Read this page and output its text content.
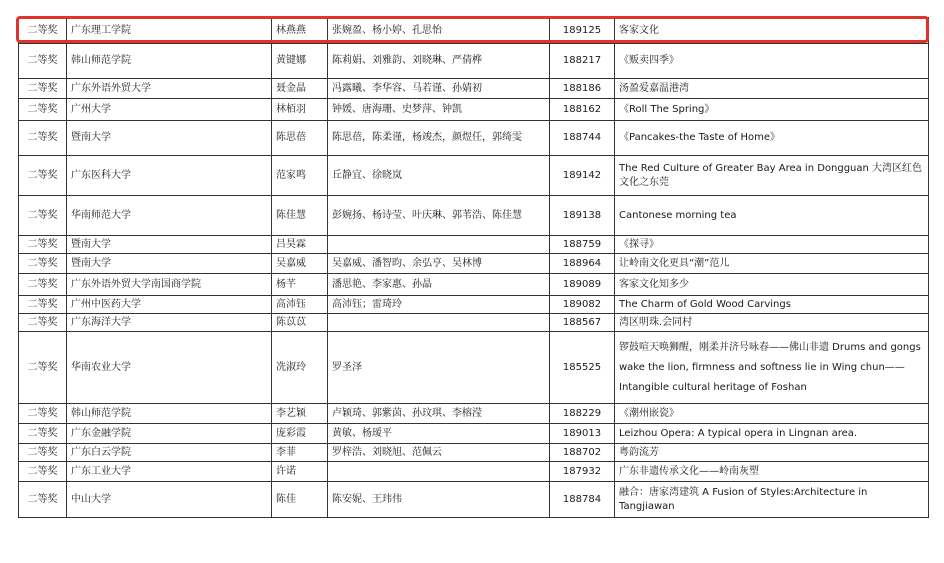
二等奖	广东理工学院	林燕燕	张婉盈、杨小婷、孔思怡	189125	客家文化
二等奖	韩山师范学院	黄键娜	陈莉娟、刘雅韵、刘晓琳、严倩桦	188217	《贩卖四季》
二等奖	广东外语外贸大学	聂金晶	冯露曦、李华容、马若谨、孙婧初	188186	汤盈爱嘉温港湾
二等奖	广州大学	林栢羽	钟媛、唐海珊、史梦萍、钟凯	188162	《Roll The Spring》
二等奖	暨南大学	陈思蓓	陈思蓓，陈柔谨，杨竣杰，颜煜任，郭绮雯	188744	《Pancakes-the Taste of Home》
二等奖	广东医科大学	范家鸣	丘静宜、徐晓岚	189142	The Red Culture of Greater Bay Area in Dongguan 大湾区红色文化之东莞
二等奖	华南师范大学	陈佳慧	彭婉扬、杨诗莹、叶庆琳、郭苇浩、陈佳慧	189138	Cantonese morning tea
二等奖	暨南大学	吕昊霖		188759	《探寻》
二等奖	暨南大学	吴嘉威	吴嘉威、潘智昀、余弘亨、吴林博	188964	让岭南文化更具“潮”范儿
二等奖	广东外语外贸大学南国商学院	杨芊	潘思艳、李家惠、孙晶	189089	客家文化知多少
二等奖	广州中医药大学	高沛钰	高沛钰；雷琦玲	189082	The Charm of Gold Wood Carvings
二等奖	广东海洋大学	陈苡苡		188567	湾区明珠.会同村
二等奖	华南农业大学	冼淑玲	罗圣泽	185525	锣鼓喧天唤狮醒，刚柔并济号咏春——佛山非遗 Drums and gongs wake the lion, firmness and softness lie in Wing chun——Intangible cultural heritage of Foshan
二等奖	韩山师范学院	李艺颖	卢颖琦、郭紫茵、孙玟琪、李榕滢	188229	《潮州嵌瓷》
二等奖	广东金融学院	庞彩霞	黄敏、杨瑷平	189013	Leizhou Opera: A typical opera in Lingnan area.
二等奖	广东白云学院	李菲	罗梓浩、刘晓旭、范佩云	188702	粤韵流芳
二等奖	广东工业大学	许诺		187932	广东非遗传承文化——岭南灰塑
二等奖	中山大学	陈佳	陈安妮、王玮伟	188784	融合：唐家湾建筑 A Fusion of Styles:Architecture in Tangjiawan
